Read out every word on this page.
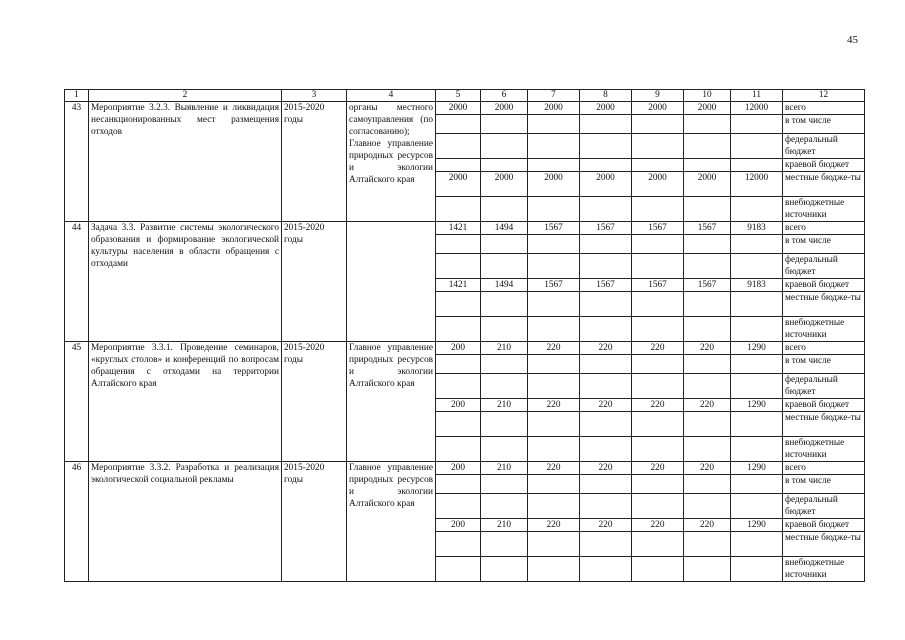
45
1	2	3	4	5	6	7	8	9	10	11	12
43	Мероприятие 3.2.3. Выявление и ликвидация несанкционированных мест размещения отходов	2015-2020 годы	органы местного самоуправления (по согласованию); Главное управление природных ресурсов и экологии Алтайского края	2000	2000	2000	2000	2000	2000	12000	всего
											в том числе
											федеральный бюджет
											краевой бюджет
				2000	2000	2000	2000	2000	2000	12000	местные бюдже-ты
											внебюджетные источники
44	Задача 3.3. Развитие системы экологического образования и формирование экологической культуры населения в области обращения с отходами	2015-2020 годы		1421	1494	1567	1567	1567	1567	9183	всего
											в том числе
											федеральный бюджет
				1421	1494	1567	1567	1567	1567	9183	краевой бюджет
											местные бюдже-ты
											внебюджетные источники
45	Мероприятие 3.3.1. Проведение семинаров, «круглых столов» и конференций по вопросам обращения с отходами на территории Алтайского края	2015-2020 годы	Главное управление природных ресурсов и экологии Алтайского края	200	210	220	220	220	220	1290	всего
											в том числе
											федеральный бюджет
				200	210	220	220	220	220	1290	краевой бюджет
											местные бюдже-ты
											внебюджетные источники
46	Мероприятие 3.3.2. Разработка и реализация экологической социальной рекламы	2015-2020 годы	Главное управление природных ресурсов и экологии Алтайского края	200	210	220	220	220	220	1290	всего
											в том числе
											федеральный бюджет
				200	210	220	220	220	220	1290	краевой бюджет
											местные бюдже-ты
											внебюджетные источники
